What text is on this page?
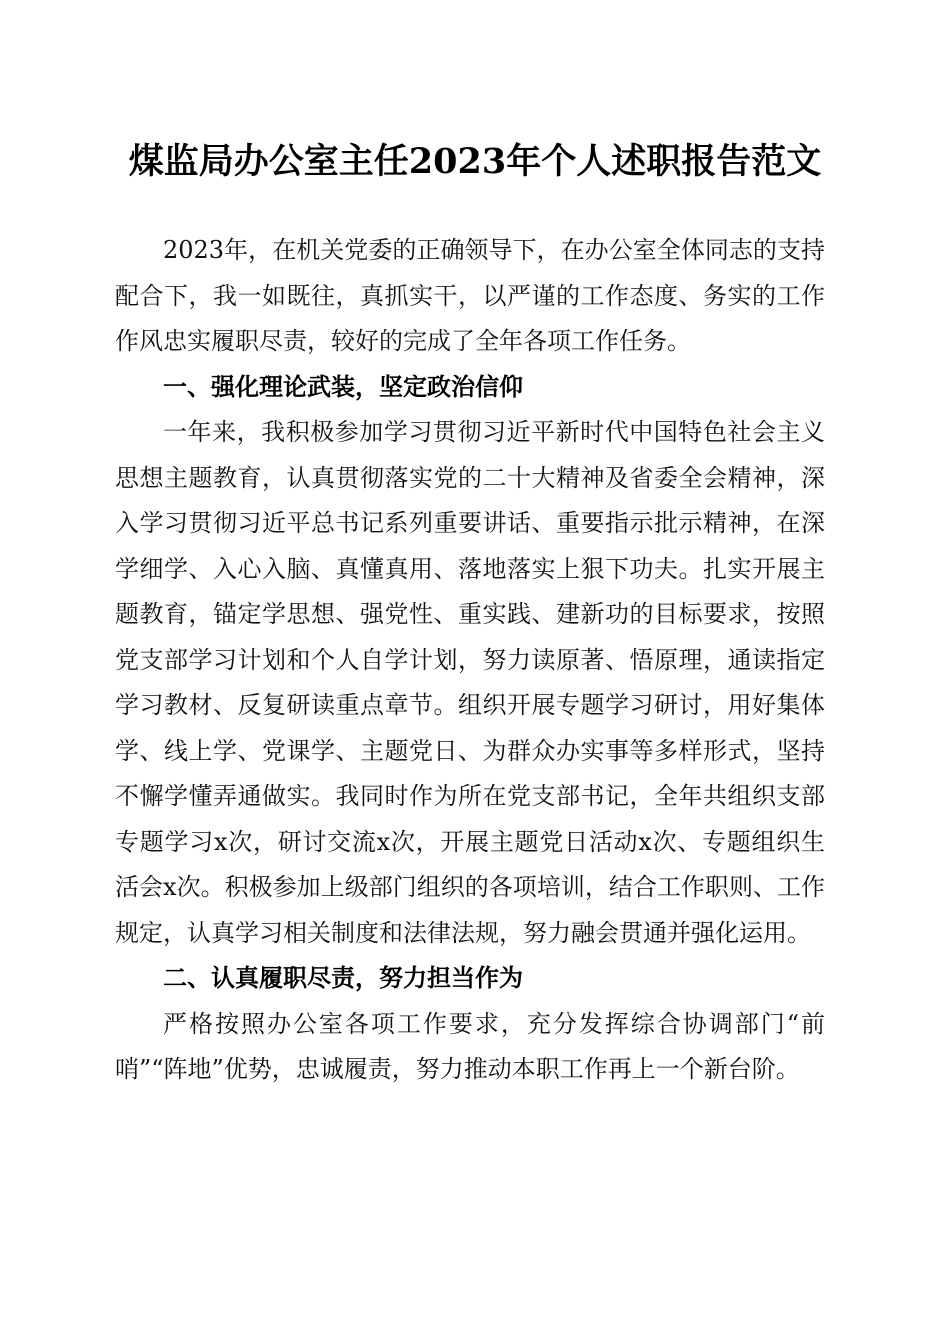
煤监局办公室主任2023年个人述职报告范文

2023年，在机关党委的正确领导下，在办公室全体同志的支持配合下，我一如既往，真抓实干，以严谨的工作态度、务实的工作作风忠实履职尽责，较好的完成了全年各项工作任务。

一、强化理论武装，坚定政治信仰

一年来，我积极参加学习贯彻习近平新时代中国特色社会主义思想主题教育，认真贯彻落实党的二十大精神及省委全会精神，深入学习贯彻习近平总书记系列重要讲话、重要指示批示精神，在深学细学、入心入脑、真懂真用、落地落实上狠下功夫。扎实开展主题教育，锚定学思想、强党性、重实践、建新功的目标要求，按照党支部学习计划和个人自学计划，努力读原著、悟原理，通读指定学习教材、反复研读重点章节。组织开展专题学习研讨，用好集体学、线上学、党课学、主题党日、为群众办实事等多样形式，坚持不懈学懂弄通做实。我同时作为所在党支部书记，全年共组织支部专题学习x次，研讨交流x次，开展主题党日活动x次、专题组织生活会x次。积极参加上级部门组织的各项培训，结合工作职则、工作规定，认真学习相关制度和法律法规，努力融会贯通并强化运用。

二、认真履职尽责，努力担当作为

严格按照办公室各项工作要求，充分发挥综合协调部门“前哨”“阵地”优势，忠诚履责，努力推动本职工作再上一个新台阶。
